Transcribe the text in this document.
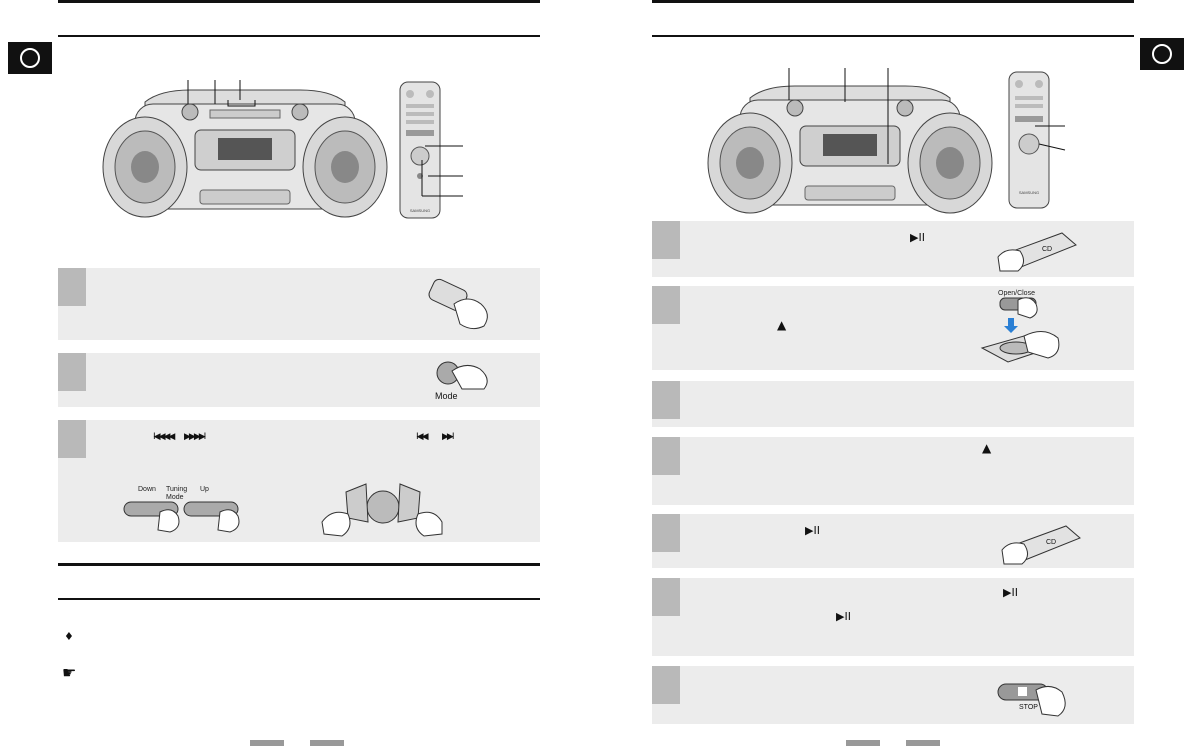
SAMSUNG
Mode
I◀◀◀◀ ▶▶▶▶I	I◀◀ ▶▶I
Down Tuning
Mode
Up
♦
☛
SAMSUNG
▶II
CD
▲
Open/Close
▲
▶II
CD
▶II
▶II
STOP
